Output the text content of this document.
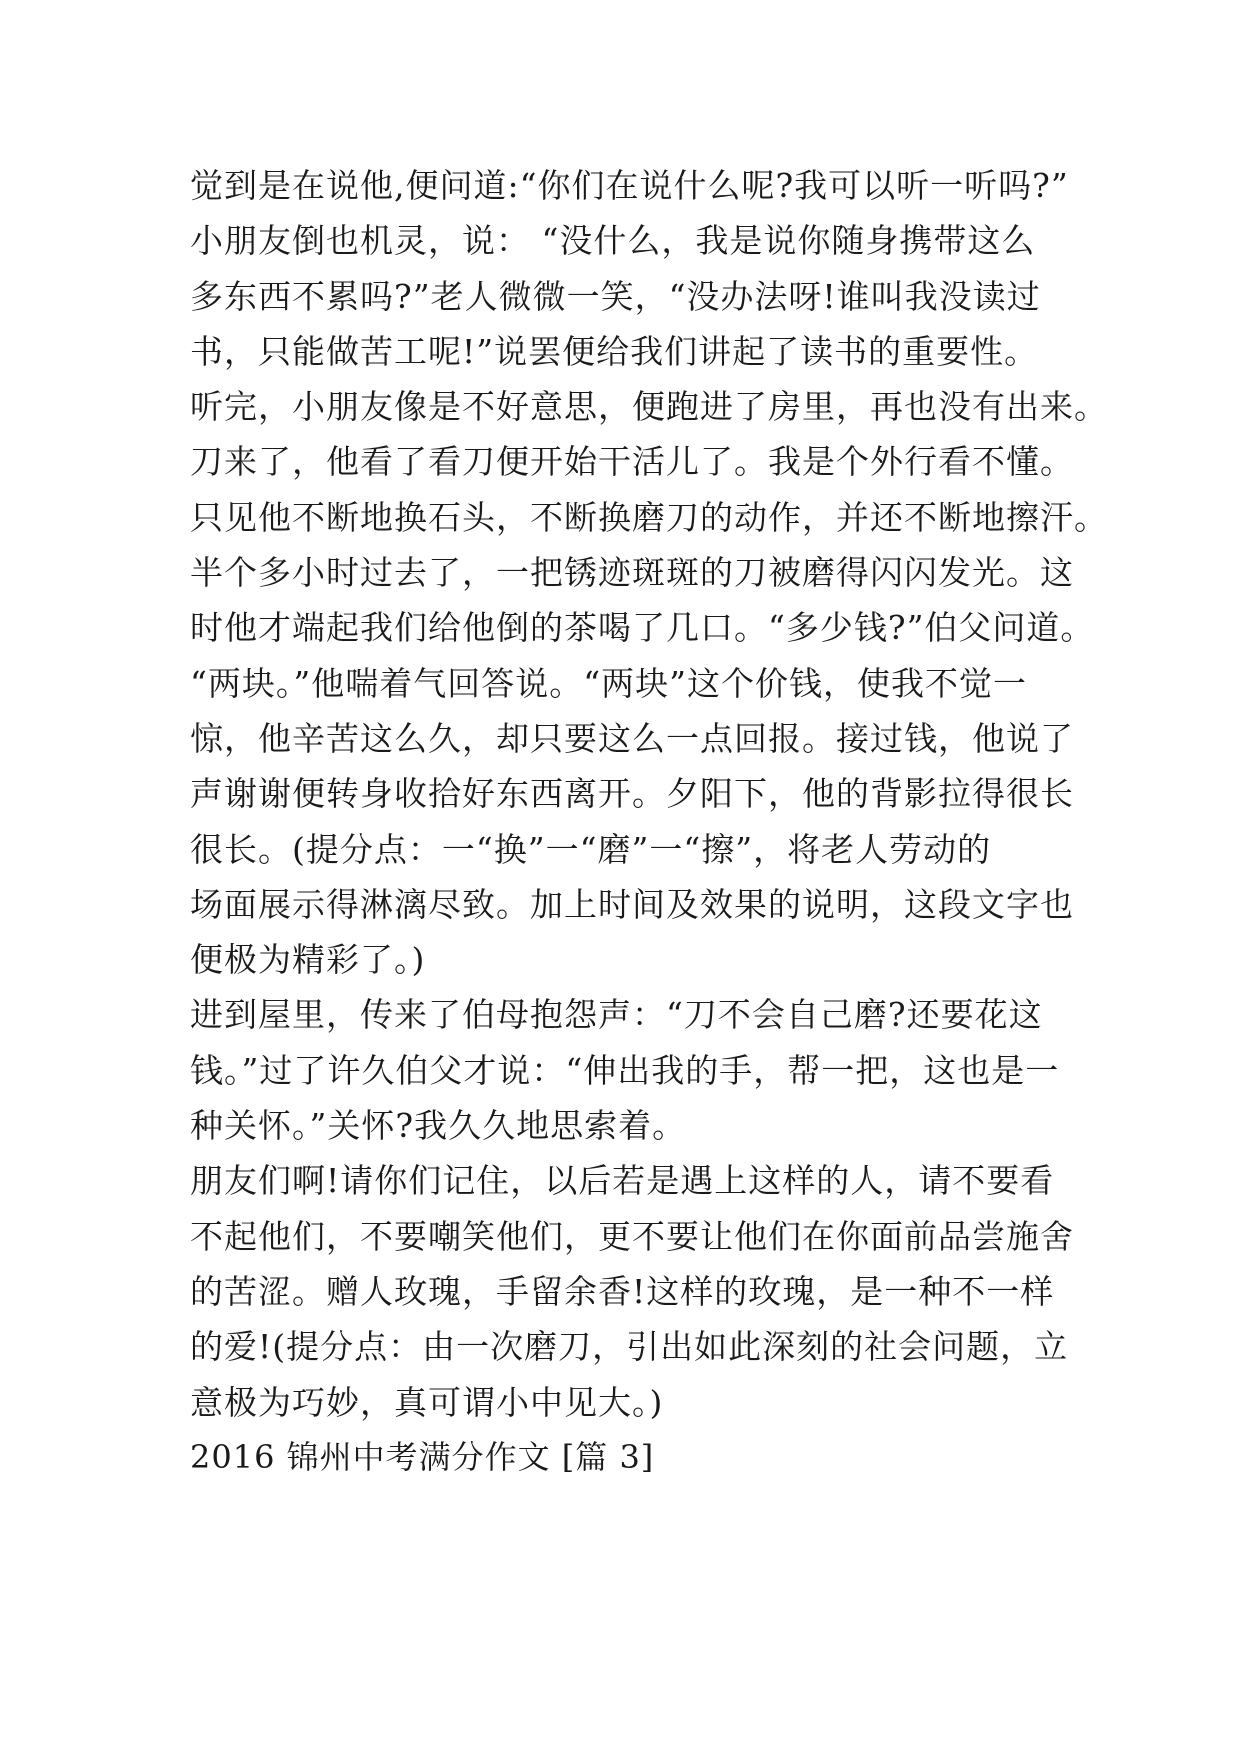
觉到是在说他,便问道:“你们在说什么呢?我可以听一听吗?”
小朋友倒也机灵，说： “没什么，我是说你随身携带这么
多东西不累吗?”老人微微一笑，“没办法呀!谁叫我没读过
书，只能做苦工呢!”说罢便给我们讲起了读书的重要性。
听完，小朋友像是不好意思，便跑进了房里，再也没有出来。
刀来了，他看了看刀便开始干活儿了。我是个外行看不懂。
只见他不断地换石头，不断换磨刀的动作，并还不断地擦汗。
半个多小时过去了，一把锈迹斑斑的刀被磨得闪闪发光。这
时他才端起我们给他倒的茶喝了几口。“多少钱?”伯父问道。
“两块。”他喘着气回答说。“两块”这个价钱，使我不觉一
惊，他辛苦这么久，却只要这么一点回报。接过钱，他说了
声谢谢便转身收拾好东西离开。夕阳下，他的背影拉得很长
很长。(提分点：一“换”一“磨”一“擦”，将老人劳动的
场面展示得淋漓尽致。加上时间及效果的说明，这段文字也
便极为精彩了。)
进到屋里，传来了伯母抱怨声：“刀不会自己磨?还要花这
钱。”过了许久伯父才说：“伸出我的手，帮一把，这也是一
种关怀。”关怀?我久久地思索着。
朋友们啊!请你们记住，以后若是遇上这样的人，请不要看
不起他们，不要嘲笑他们，更不要让他们在你面前品尝施舍
的苦涩。赠人玫瑰，手留余香!这样的玫瑰，是一种不一样
的爱!(提分点：由一次磨刀，引出如此深刻的社会问题，立
意极为巧妙，真可谓小中见大。)
2016 锦州中考满分作文 [篇 3]
